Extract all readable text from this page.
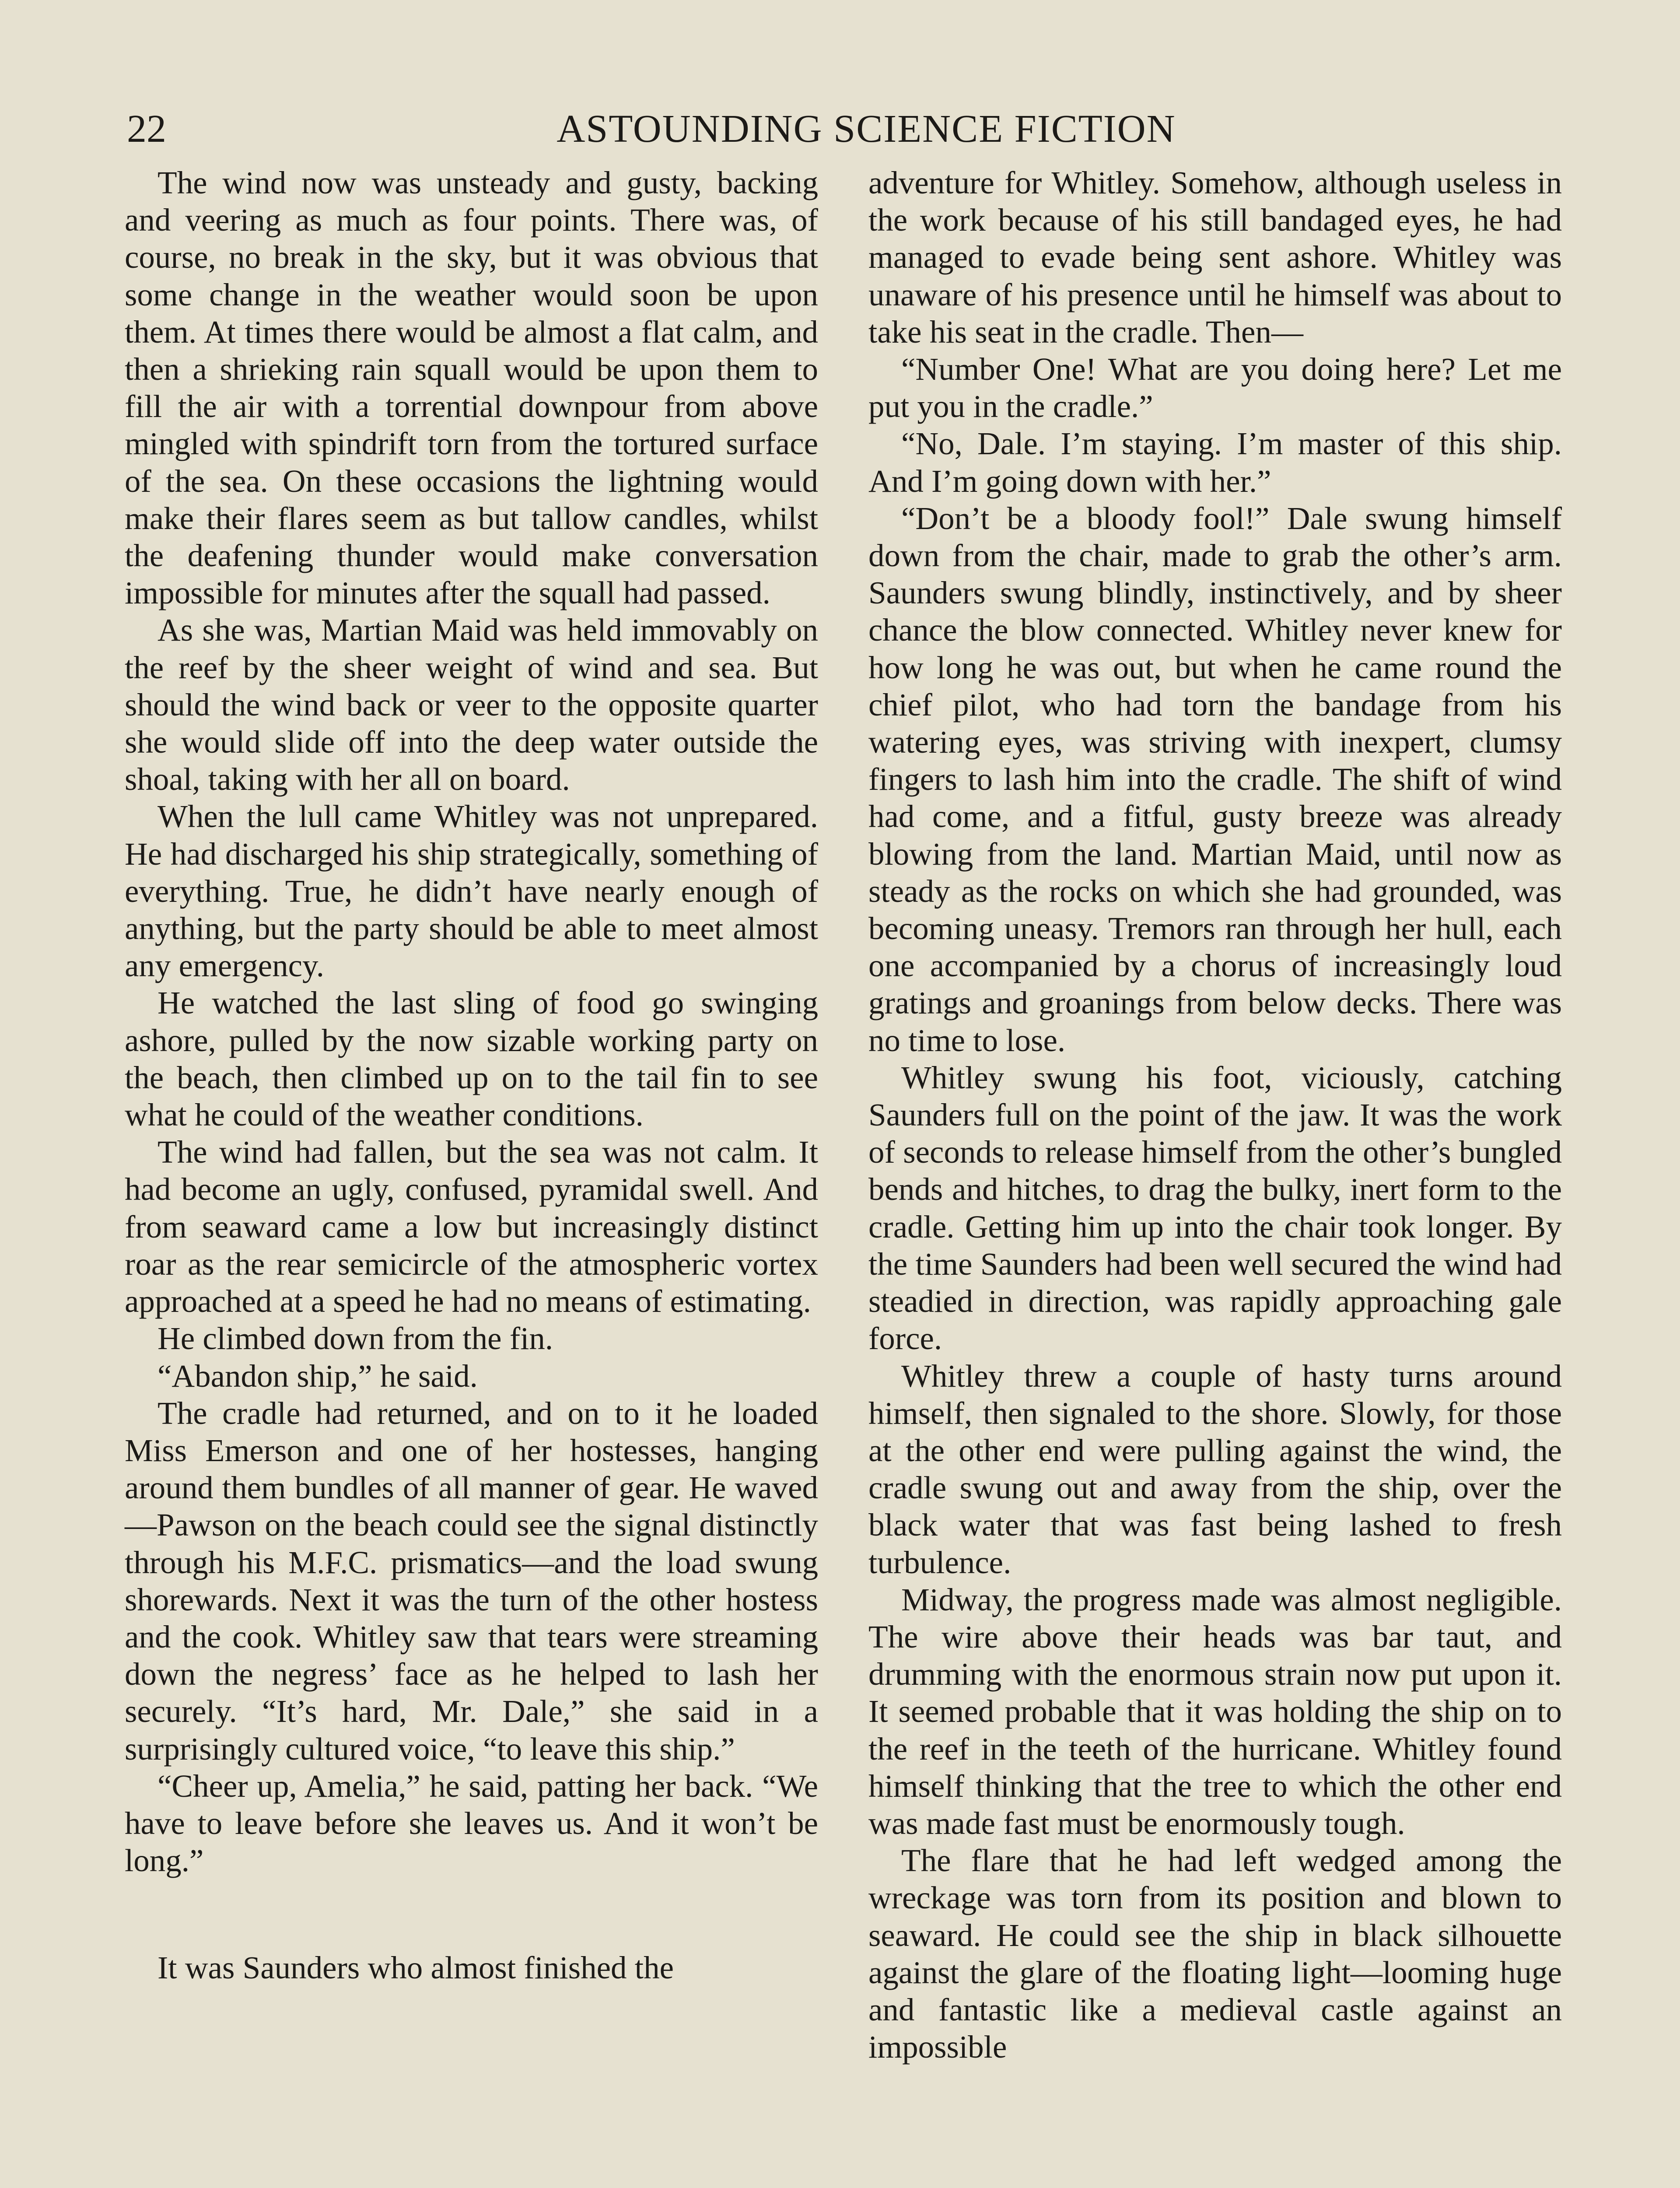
22	ASTOUNDING SCIENCE FICTION

The wind now was unsteady and gusty, backing and veering as much as four points. There was, of course, no break in the sky, but it was obvious that some change in the weather would soon be upon them. At times there would be almost a flat calm, and then a shrieking rain squall would be upon them to fill the air with a torrential downpour from above mingled with spindrift torn from the tortured surface of the sea. On these occasions the lightning would make their flares seem as but tallow candles, whilst the deafening thunder would make conversation impossible for minutes after the squall had passed.

As she was, Martian Maid was held immovably on the reef by the sheer weight of wind and sea. But should the wind back or veer to the opposite quarter she would slide off into the deep water outside the shoal, taking with her all on board.

When the lull came Whitley was not unprepared. He had discharged his ship strategically, something of everything. True, he didn’t have nearly enough of anything, but the party should be able to meet almost any emergency.

He watched the last sling of food go swinging ashore, pulled by the now sizable working party on the beach, then climbed up on to the tail fin to see what he could of the weather conditions.

The wind had fallen, but the sea was not calm. It had become an ugly, confused, pyramidal swell. And from seaward came a low but increasingly distinct roar as the rear semicircle of the atmospheric vortex approached at a speed he had no means of estimating.

He climbed down from the fin.

“Abandon ship,” he said.

The cradle had returned, and on to it he loaded Miss Emerson and one of her hostesses, hanging around them bundles of all manner of gear. He waved—Pawson on the beach could see the signal distinctly through his M.F.C. prismatics—and the load swung shorewards. Next it was the turn of the other hostess and the cook. Whitley saw that tears were streaming down the negress’ face as he helped to lash her securely. “It’s hard, Mr. Dale,” she said in a surprisingly cultured voice, “to leave this ship.”

“Cheer up, Amelia,” he said, patting her back. “We have to leave before she leaves us. And it won’t be long.”

It was Saunders who almost finished the

adventure for Whitley. Somehow, although useless in the work because of his still bandaged eyes, he had managed to evade being sent ashore. Whitley was unaware of his presence until he himself was about to take his seat in the cradle. Then—

“Number One! What are you doing here? Let me put you in the cradle.”

“No, Dale. I’m staying. I’m master of this ship. And I’m going down with her.”

“Don’t be a bloody fool!” Dale swung himself down from the chair, made to grab the other’s arm. Saunders swung blindly, instinctively, and by sheer chance the blow connected. Whitley never knew for how long he was out, but when he came round the chief pilot, who had torn the bandage from his watering eyes, was striving with inexpert, clumsy fingers to lash him into the cradle. The shift of wind had come, and a fitful, gusty breeze was already blowing from the land. Martian Maid, until now as steady as the rocks on which she had grounded, was becoming uneasy. Tremors ran through her hull, each one accompanied by a chorus of increasingly loud gratings and groanings from below decks. There was no time to lose.

Whitley swung his foot, viciously, catching Saunders full on the point of the jaw. It was the work of seconds to release himself from the other’s bungled bends and hitches, to drag the bulky, inert form to the cradle. Getting him up into the chair took longer. By the time Saunders had been well secured the wind had steadied in direction, was rapidly approaching gale force.

Whitley threw a couple of hasty turns around himself, then signaled to the shore. Slowly, for those at the other end were pulling against the wind, the cradle swung out and away from the ship, over the black water that was fast being lashed to fresh turbulence.

Midway, the progress made was almost negligible. The wire above their heads was bar taut, and drumming with the enormous strain now put upon it. It seemed probable that it was holding the ship on to the reef in the teeth of the hurricane. Whitley found himself thinking that the tree to which the other end was made fast must be enormously tough.

The flare that he had left wedged among the wreckage was torn from its position and blown to seaward. He could see the ship in black silhouette against the glare of the floating light—looming huge and fantastic like a medieval castle against an impossible
